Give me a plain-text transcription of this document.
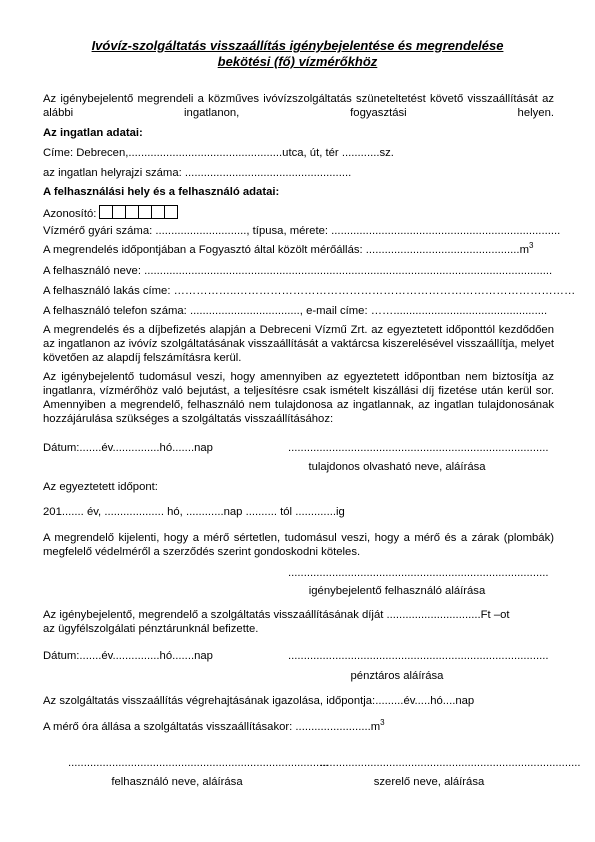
Ivóvíz-szolgáltatás visszaállítás igénybejelentése és megrendelése

bekötési (fő) vízmérőkhöz

Az igénybejelentő megrendeli a közműves ivóvízszolgáltatás szüneteltetést követő visszaállítását az alábbi ingatlanon, fogyasztási helyen.

Az ingatlan adatai:

Címe: Debrecen,.................................................utca, út, tér ............sz.

az ingatlan helyrajzi száma: .....................................................

A felhasználási hely és a felhasználó adatai:

Azonosító:

Vízmérő gyári száma: ............................., típusa, mérete: .........................................................................

A megrendelés időpontjában a Fogyasztó által közölt mérőállás: $.................................................m^3$

A felhasználó neve: ..................................................................................................................................

A felhasználó lakás címe: ……………..………………………………………………………………………………

A felhasználó telefon száma: ..................................., e-mail címe: …….................................................

A megrendelés és a díjbefizetés alapján a Debreceni Vízmű Zrt. az egyeztetett időponttól kezdődően az ingatlanon az ivóvíz szolgáltatásának visszaállítását a vaktárcsa kiszerelésével visszaállítja, melyet követően az alapdíj felszámításra kerül.

Az igénybejelentő tudomásul veszi, hogy amennyiben az egyeztetett időpontban nem biztosítja az ingatlanra, vízmérőhöz való bejutást, a teljesítésre csak ismételt kiszállási díj fizetése után kerül sor. Amennyiben a megrendelő, felhasználó nem tulajdonosa az ingatlannak, az ingatlan tulajdonosának hozzájárulása szükséges a szolgáltatás visszaállításához:

Dátum:.......év...............hó.......nap	...................................................................................

tulajdonos olvasható neve, aláírása

Az egyeztetett időpont:

201....... év, ................... hó, ............nap .......... tól .............ig

A megrendelő kijelenti, hogy a mérő sértetlen, tudomásul veszi, hogy a mérő és a zárak (plombák) megfelelő védelméről a szerződés szerint gondoskodni köteles.

...................................................................................

igénybejelentő felhasználó aláírása

Az igénybejelentő, megrendelő a szolgáltatás visszaállításának díját ..............................Ft –ot

az ügyfélszolgálati pénztárunknál befizette.

Dátum:.......év...............hó.......nap	...................................................................................

pénztáros aláírása

Az szolgáltatás visszaállítás végrehajtásának igazolása, időpontja:.........év.....hó....nap

A mérő óra állása a szolgáltatás visszaállításakor: $........................m^3$

...................................................................................

felhasználó neve, aláírása

...................................................................................

szerelő neve, aláírása
